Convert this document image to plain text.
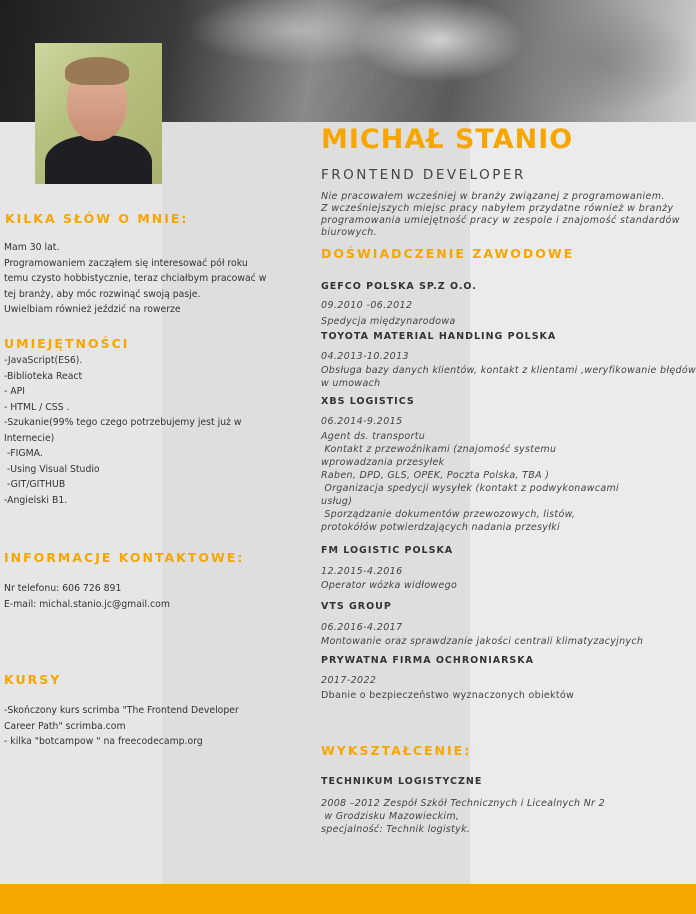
KILKA SŁÓW O MNIE:
Mam 30 lat.
Programowaniem zacząłem się interesować pół roku
temu czysto hobbistycznie, teraz chciałbym pracować w
tej branży, aby móc rozwinąć swoją pasje.
Uwielbiam również jeździć na rowerze
UMIEJĘTNOŚCI
-JavaScript(ES6).
-Biblioteka React
- API
- HTML / CSS .
-Szukanie(99% tego czego potrzebujemy jest już w
Internecie)
-FIGMA.
-Using Visual Studio
-GIT/GITHUB
-Angielski B1.
INFORMACJE KONTAKTOWE:
Nr telefonu: 606 726 891
E-mail: michal.stanio.jc@gmail.com
KURSY
-Skończony kurs scrimba "The Frontend Developer
Career Path" scrimba.com
- kilka "botcampow " na freecodecamp.org
MICHAŁ STANIO
FRONTEND DEVELOPER
Nie pracowałem wcześniej w branży związanej z programowaniem.
Z wcześniejszych miejsc pracy nabyłem przydatne również w branży
programowania umiejętność pracy w zespole i znajomość standardów
biurowych.
DOŚWIADCZENIE ZAWODOWE
GEFCO POLSKA SP.Z O.O.
09.2010 -06.2012
Spedycja międzynarodowa
TOYOTA MATERIAL HANDLING POLSKA
04.2013-10.2013
Obsługa bazy danych klientów, kontakt z klientami ,weryfikowanie błędów
w umowach
XBS LOGISTICS
06.2014-9.2015
Agent ds. transportu
Kontakt z przewoźnikami (znajomość systemu
wprowadzania przesyłek
Raben, DPD, GLS, OPEK, Poczta Polska, TBA )
Organizacja spedycji wysyłek (kontakt z podwykonawcami
usług)
Sporządzanie dokumentów przewozowych, listów,
protokółów potwierdzających nadania przesyłki
FM LOGISTIC POLSKA
12.2015-4.2016
Operator wózka widłowego
VTS GROUP
06.2016-4.2017
Montowanie oraz sprawdzanie jakości centrali klimatyzacyjnych
PRYWATNA FIRMA OCHRONIARSKA
2017-2022
Dbanie o bezpieczeństwo wyznaczonych obiektów
WYKSZTAŁCENIE:
TECHNIKUM LOGISTYCZNE
2008 –2012 Zespół Szkół Technicznych i Licealnych Nr 2
w Grodzisku Mazowieckim,
specjalność: Technik logistyk.
